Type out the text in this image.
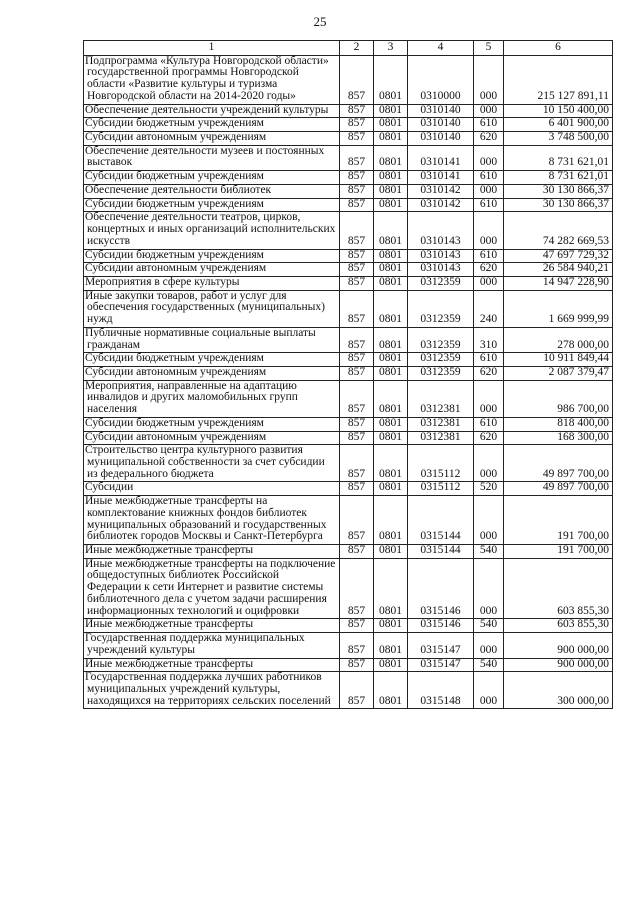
25
1	2	3	4	5	6
Подпрограмма «Культура Новгородской области» государственной программы Новгородской области «Развитие культуры и туризма Новгородской области на 2014-2020 годы»	857	0801	0310000	000	215 127 891,11
Обеспечение деятельности учреждений культуры	857	0801	0310140	000	10 150 400,00
Субсидии бюджетным учреждениям	857	0801	0310140	610	6 401 900,00
Субсидии автономным учреждениям	857	0801	0310140	620	3 748 500,00
Обеспечение деятельности музеев и постоянных выставок	857	0801	0310141	000	8 731 621,01
Субсидии бюджетным учреждениям	857	0801	0310141	610	8 731 621,01
Обеспечение деятельности библиотек	857	0801	0310142	000	30 130 866,37
Субсидии бюджетным учреждениям	857	0801	0310142	610	30 130 866,37
Обеспечение деятельности театров, цирков, концертных и иных организаций исполнительских искусств	857	0801	0310143	000	74 282 669,53
Субсидии бюджетным учреждениям	857	0801	0310143	610	47 697 729,32
Субсидии автономным учреждениям	857	0801	0310143	620	26 584 940,21
Мероприятия в сфере культуры	857	0801	0312359	000	14 947 228,90
Иные закупки товаров, работ и услуг для обеспечения государственных (муниципальных) нужд	857	0801	0312359	240	1 669 999,99
Публичные нормативные социальные выплаты гражданам	857	0801	0312359	310	278 000,00
Субсидии бюджетным учреждениям	857	0801	0312359	610	10 911 849,44
Субсидии автономным учреждениям	857	0801	0312359	620	2 087 379,47
Мероприятия, направленные на адаптацию инвалидов и других маломобильных групп населения	857	0801	0312381	000	986 700,00
Субсидии бюджетным учреждениям	857	0801	0312381	610	818 400,00
Субсидии автономным учреждениям	857	0801	0312381	620	168 300,00
Строительство центра культурного развития муниципальной собственности за счет субсидии из федерального бюджета	857	0801	0315112	000	49 897 700,00
Субсидии	857	0801	0315112	520	49 897 700,00
Иные межбюджетные трансферты на комплектование книжных фондов библиотек муниципальных образований и государственных библиотек городов Москвы и Санкт-Петербурга	857	0801	0315144	000	191 700,00
Иные межбюджетные трансферты	857	0801	0315144	540	191 700,00
Иные межбюджетные трансферты на подключение общедоступных библиотек Российской Федерации к сети Интернет и развитие системы библиотечного дела с учетом задачи расширения информационных технологий и оцифровки	857	0801	0315146	000	603 855,30
Иные межбюджетные трансферты	857	0801	0315146	540	603 855,30
Государственная поддержка муниципальных учреждений культуры	857	0801	0315147	000	900 000,00
Иные межбюджетные трансферты	857	0801	0315147	540	900 000,00
Государственная поддержка лучших работников муниципальных учреждений культуры, находящихся на территориях сельских поселений	857	0801	0315148	000	300 000,00
